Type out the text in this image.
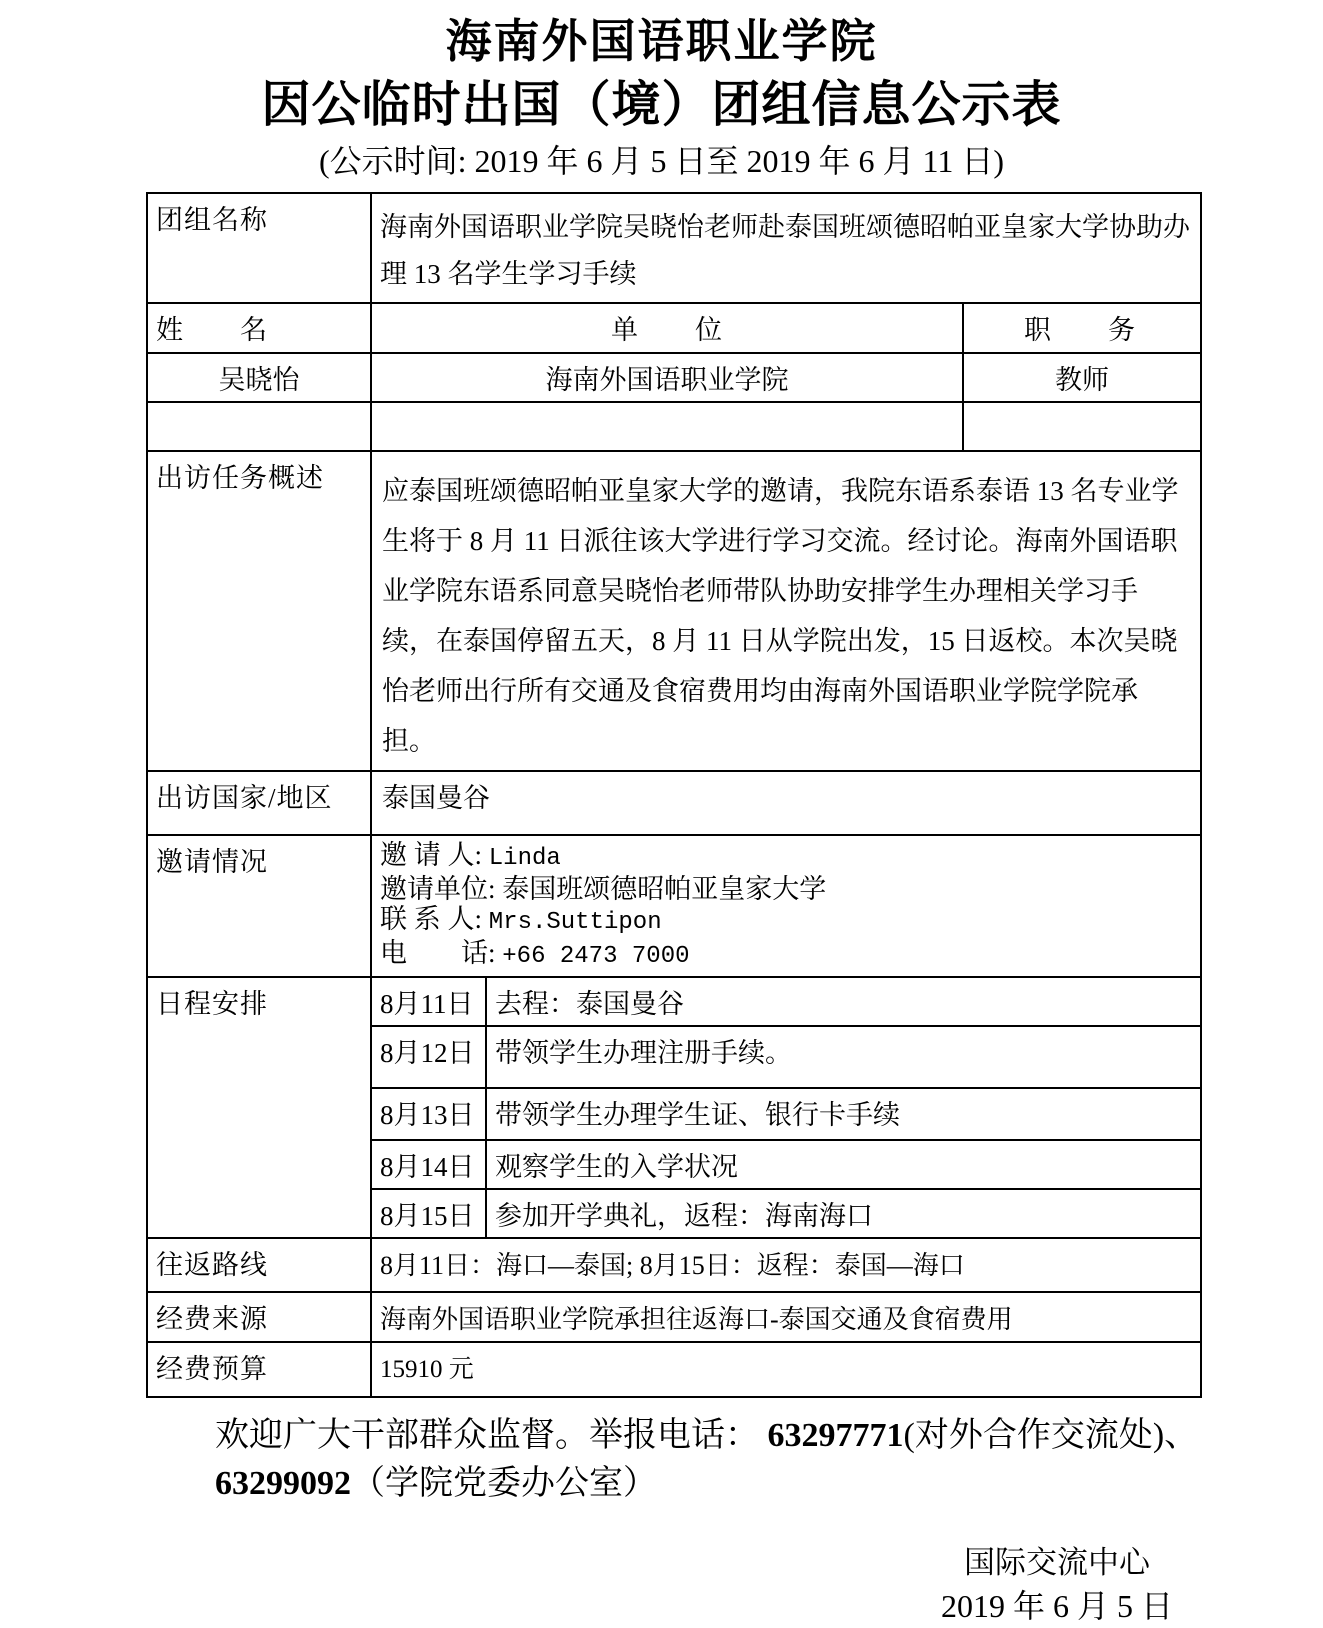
海南外国语职业学院
因公临时出国（境）团组信息公示表
(公示时间: 2019 年 6 月 5 日至 2019 年 6 月 11 日)
团组名称	海南外国语职业学院吴晓怡老师赴泰国班颂德昭帕亚皇家大学协助办理 13 名学生学习手续		

姓　　名	单　　位		职　　务
吴晓怡	海南外国语职业学院		教师

出访任务概述	应泰国班颂德昭帕亚皇家大学的邀请，我院东语系泰语 13 名专业学生将于 8 月 11 日派往该大学进行学习交流。经讨论。海南外国语职业学院东语系同意吴晓怡老师带队协助安排学生办理相关学习手续，在泰国停留五天，8 月 11 日从学院出发，15 日返校。本次吴晓怡老师出行所有交通及食宿费用均由海南外国语职业学院学院承担。		

出访国家/地区	泰国曼谷		

邀请情况	邀 请 人: Linda
邀请单位: 泰国班颂德昭帕亚皇家大学
联 系 人: Mrs.Suttipon
电　　话: +66 2473 7000		

日程安排	8月11日	去程：泰国曼谷	
	8月12日	带领学生办理注册手续。	
	8月13日	带领学生办理学生证、银行卡手续	
	8月14日	观察学生的入学状况	
	8月15日	参加开学典礼，返程：海南海口	
往返路线	8月11日：海口—泰国; 8月15日：返程：泰国—海口		

经费来源	海南外国语职业学院承担往返海口-泰国交通及食宿费用		

经费预算	15910 元		
欢迎广大干部群众监督。举报电话： 63297771(对外合作交流处)、
63299092（学院党委办公室）
国际交流中心
2019 年 6 月 5 日
